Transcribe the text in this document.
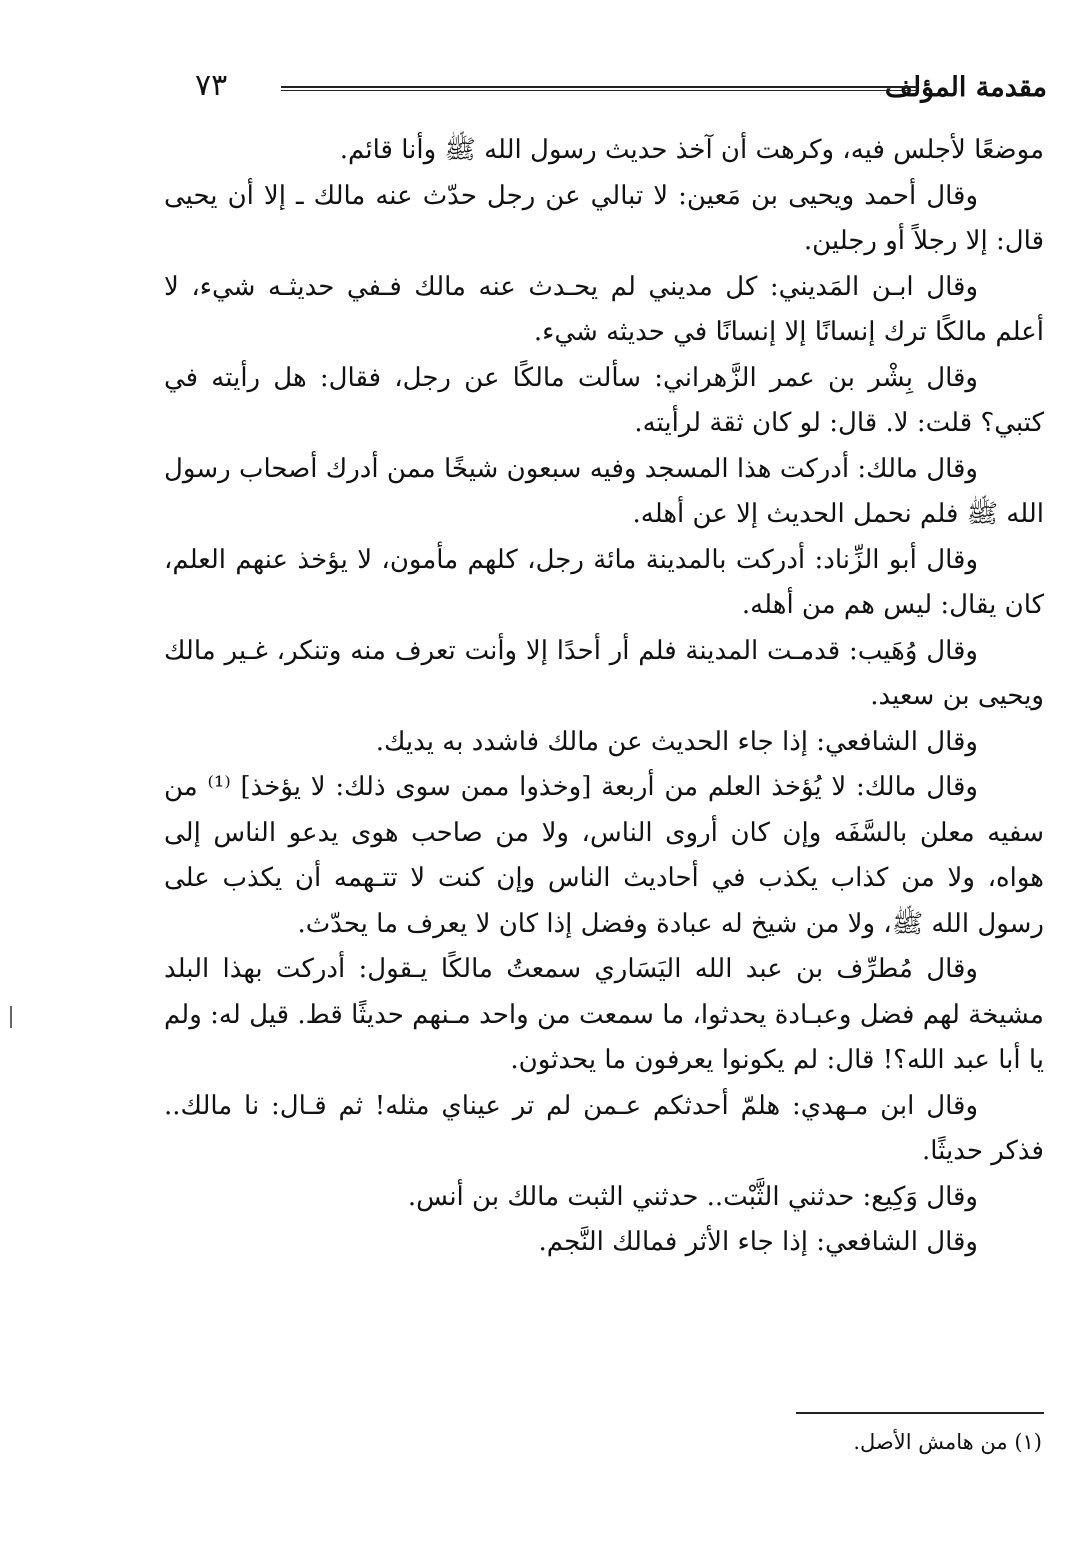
مقدمة المؤلف
٧٣

موضعًا لأجلس فيه، وكرهت أن آخذ حديث رسول الله ﷺ وأنا قائم.

وقال أحمد ويحيى بن مَعين: لا تبالي عن رجل حدّث عنه مالك ـ إلا أن يحيى قال: إلا رجلاً أو رجلين.

وقال ابـن المَديني: كل مديني لم يحـدث عنه مالك فـفي حديثـه شيء، لا أعلم مالكًا ترك إنسانًا إلا إنسانًا في حديثه شيء.

وقال بِشْر بن عمر الزَّهراني: سألت مالكًا عن رجل، فقال: هل رأيته في كتبي؟ قلت: لا. قال: لو كان ثقة لرأيته.

وقال مالك: أدركت هذا المسجد وفيه سبعون شيخًا ممن أدرك أصحاب رسول الله ﷺ فلم نحمل الحديث إلا عن أهله.

وقال أبو الزِّناد: أدركت بالمدينة مائة رجل، كلهم مأمون، لا يؤخذ عنهم العلم، كان يقال: ليس هم من أهله.

وقال وُهَيب: قدمـت المدينة فلم أر أحدًا إلا وأنت تعرف منه وتنكر، غـير مالك ويحيى بن سعيد.

وقال الشافعي: إذا جاء الحديث عن مالك فاشدد به يديك.

وقال مالك: لا يُؤخذ العلم من أربعة [وخذوا ممن سوى ذلك: لا يؤخذ] ⁽¹⁾ من سفيه معلن بالسَّفَه وإن كان أروى الناس، ولا من صاحب هوى يدعو الناس إلى هواه، ولا من كذاب يكذب في أحاديث الناس وإن كنت لا تتـهمه أن يكذب على رسول الله ﷺ، ولا من شيخ له عبادة وفضل إذا كان لا يعرف ما يحدّث.

وقال مُطرِّف بن عبد الله اليَسَاري سمعتُ مالكًا يـقول: أدركت بهذا البلد مشيخة لهم فضل وعبـادة يحدثوا، ما سمعت من واحد مـنهم حديثًا قط. قيل له: ولم يا أبا عبد الله؟! قال: لم يكونوا يعرفون ما يحدثون.

وقال ابن مـهدي: هلمّ أحدثكم عـمن لم تر عيناي مثله! ثم قـال: نا مالك.. فذكر حديثًا.

وقال وَكِيع: حدثني الثَّبْت.. حدثني الثبت مالك بن أنس.

وقال الشافعي: إذا جاء الأثر فمالك النَّجم.

(١) من هامش الأصل.
